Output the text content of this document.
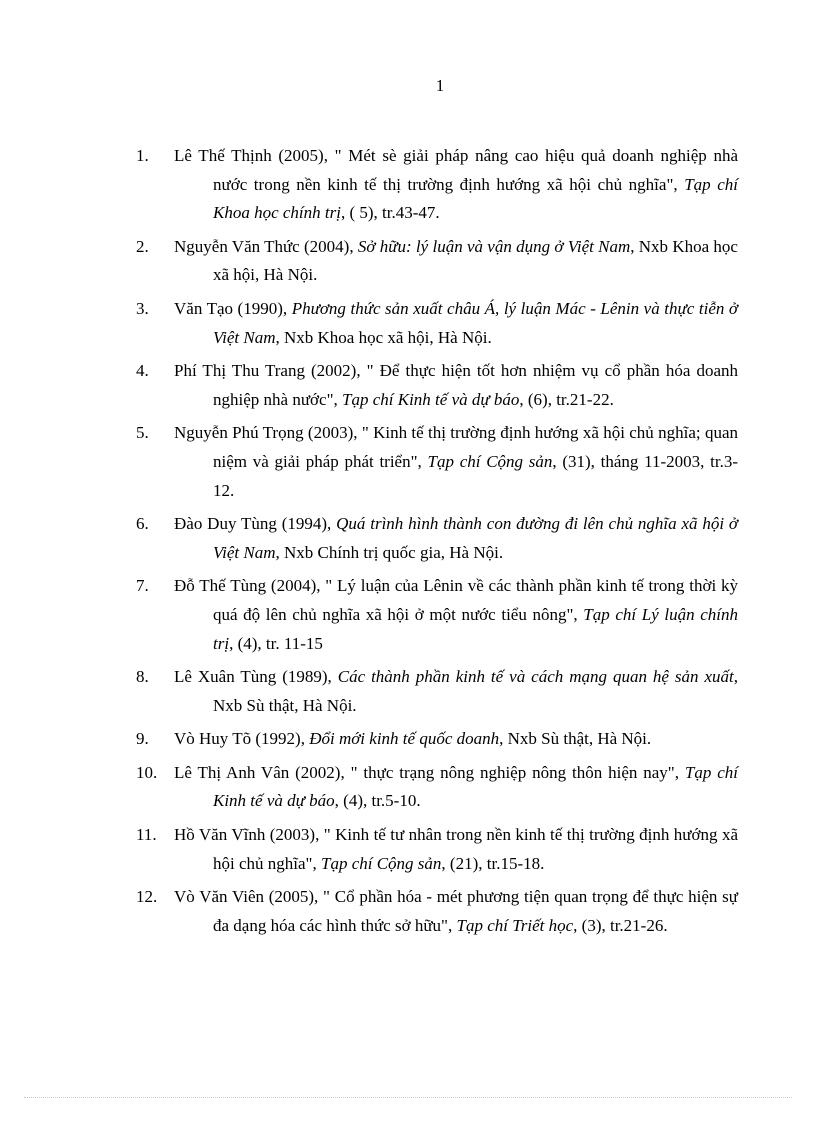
1
1. Lê Thế Thịnh (2005), " Mét sè giải pháp nâng cao hiệu quả doanh nghiệp nhà nước trong nền kinh tế thị trường định hướng xã hội chủ nghĩa", Tạp chí Khoa học chính trị, ( 5), tr.43-47.
2. Nguyễn Văn Thức (2004), Sở hữu: lý luận và vận dụng ở Việt Nam, Nxb Khoa học xã hội, Hà Nội.
3. Văn Tạo (1990), Phương thức sản xuất châu Á, lý luận Mác - Lênin và thực tiễn ở Việt Nam, Nxb Khoa học xã hội, Hà Nội.
4. Phí Thị Thu Trang (2002), " Để thực hiện tốt hơn nhiệm vụ cổ phần hóa doanh nghiệp nhà nước", Tạp chí Kinh tế và dự báo, (6), tr.21-22.
5. Nguyễn Phú Trọng (2003), " Kinh tế thị trường định hướng xã hội chủ nghĩa; quan niệm và giải pháp phát triển", Tạp chí Cộng sản, (31), tháng 11-2003, tr.3-12.
6. Đào Duy Tùng (1994), Quá trình hình thành con đường đi lên chủ nghĩa xã hội ở Việt Nam, Nxb Chính trị quốc gia, Hà Nội.
7. Đỗ Thế Tùng (2004), " Lý luận của Lênin về các thành phần kinh tế trong thời kỳ quá độ lên chủ nghĩa xã hội ở một nước tiểu nông", Tạp chí Lý luận chính trị, (4), tr. 11-15
8. Lê Xuân Tùng (1989), Các thành phần kinh tế và cách mạng quan hệ sản xuất, Nxb Sù thật, Hà Nội.
9. Vò Huy Tõ (1992), Đổi mới kinh tế quốc doanh, Nxb Sù thật, Hà Nội.
10. Lê Thị Anh Vân (2002), " thực trạng nông nghiệp nông thôn hiện nay", Tạp chí Kinh tế và dự báo, (4), tr.5-10.
11. Hồ Văn Vĩnh (2003), " Kinh tế tư nhân trong nền kinh tế thị trường định hướng xã hội chủ nghĩa", Tạp chí Cộng sản, (21), tr.15-18.
12. Vò Văn Viên (2005), " Cổ phần hóa - mét phương tiện quan trọng để thực hiện sự đa dạng hóa các hình thức sở hữu", Tạp chí Triết học, (3), tr.21-26.
